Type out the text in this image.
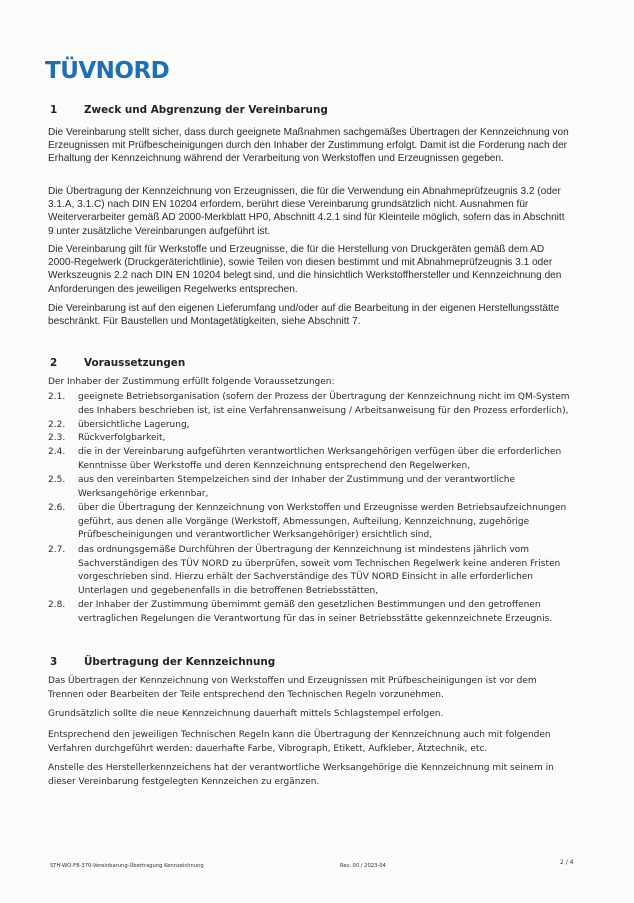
TÜVNORD
1	Zweck und Abgrenzung der Vereinbarung

Die Vereinbarung stellt sicher, dass durch geeignete Maßnahmen sachgemäßes Übertragen der Kennzeichnung von Erzeugnissen mit Prüfbescheinigungen durch den Inhaber der Zustimmung erfolgt. Damit ist die Forderung nach der Erhaltung der Kennzeichnung während der Verarbeitung von Werkstoffen und Erzeugnissen gegeben.

Die Übertragung der Kennzeichnung von Erzeugnissen, die für die Verwendung ein Abnahmeprüfzeugnis 3.2 (oder 3.1.A, 3.1.C) nach DIN EN 10204 erfordern, berührt diese Vereinbarung grundsätzlich nicht. Ausnahmen für Weiterverarbeiter gemäß AD 2000-Merkblatt HP0, Abschnitt 4.2.1 sind für Kleinteile möglich, sofern das in Abschnitt 9 unter zusätzliche Vereinbarungen aufgeführt ist.

Die Vereinbarung gilt für Werkstoffe und Erzeugnisse, die für die Herstellung von Druckgeräten gemäß dem AD 2000-Regelwerk (Druckgeräterichtlinie), sowie Teilen von diesen bestimmt und mit Abnahmeprüfzeugnis 3.1 oder Werkszeugnis 2.2 nach DIN EN 10204 belegt sind, und die hinsichtlich Werkstoffhersteller und Kennzeichnung den Anforderungen des jeweiligen Regelwerks entsprechen.

Die Vereinbarung ist auf den eigenen Lieferumfang und/oder auf die Bearbeitung in der eigenen Herstellungsstätte beschränkt. Für Baustellen und Montagetätigkeiten, siehe Abschnitt 7.

2	Voraussetzungen

Der Inhaber der Zustimmung erfüllt folgende Voraussetzungen:

2.1.	geeignete Betriebsorganisation (sofern der Prozess der Übertragung der Kennzeichnung nicht im QM-System des Inhabers beschrieben ist, ist eine Verfahrensanweisung / Arbeitsanweisung für den Prozess erforderlich),
2.2.	übersichtliche Lagerung,
2.3.	Rückverfolgbarkeit,
2.4.	die in der Vereinbarung aufgeführten verantwortlichen Werksangehörigen verfügen über die erforderlichen Kenntnisse über Werkstoffe und deren Kennzeichnung entsprechend den Regelwerken,
2.5.	aus den vereinbarten Stempelzeichen sind der Inhaber der Zustimmung und der verantwortliche Werksangehörige erkennbar,
2.6.	über die Übertragung der Kennzeichnung von Werkstoffen und Erzeugnisse werden Betriebsaufzeichnungen geführt, aus denen alle Vorgänge (Werkstoff, Abmessungen, Aufteilung, Kennzeichnung, zugehörige Prüfbescheinigungen und verantwortlicher Werksangehöriger) ersichtlich sind,
2.7.	das ordnungsgemäße Durchführen der Übertragung der Kennzeichnung ist mindestens jährlich vom Sachverständigen des TÜV NORD zu überprüfen, soweit vom Technischen Regelwerk keine anderen Fristen vorgeschrieben sind. Hierzu erhält der Sachverständige des TÜV NORD Einsicht in alle erforderlichen Unterlagen und gegebenenfalls in die betroffenen Betriebsstätten,
2.8.	der Inhaber der Zustimmung übernimmt gemäß den gesetzlichen Bestimmungen und den getroffenen vertraglichen Regelungen die Verantwortung für das in seiner Betriebsstätte gekennzeichnete Erzeugnis.
3	Übertragung der Kennzeichnung

Das Übertragen der Kennzeichnung von Werkstoffen und Erzeugnissen mit Prüfbescheinigungen ist vor dem Trennen oder Bearbeiten der Teile entsprechend den Technischen Regeln vorzunehmen.

Grundsätzlich sollte die neue Kennzeichnung dauerhaft mittels Schlagstempel erfolgen.

Entsprechend den jeweiligen Technischen Regeln kann die Übertragung der Kennzeichnung auch mit folgenden Verfahren durchgeführt werden: dauerhafte Farbe, Vibrograph, Etikett, Aufkleber, Ätztechnik, etc.

Anstelle des Herstellerkennzeichens hat der verantwortliche Werksangehörige die Kennzeichnung mit seinem in dieser Vereinbarung festgelegten Kennzeichen zu ergänzen.

STH-WO-F8-370-Vereinbarung-Übertragung Kennzeichnung	Rev. 00 / 2023-04	2 / 4
